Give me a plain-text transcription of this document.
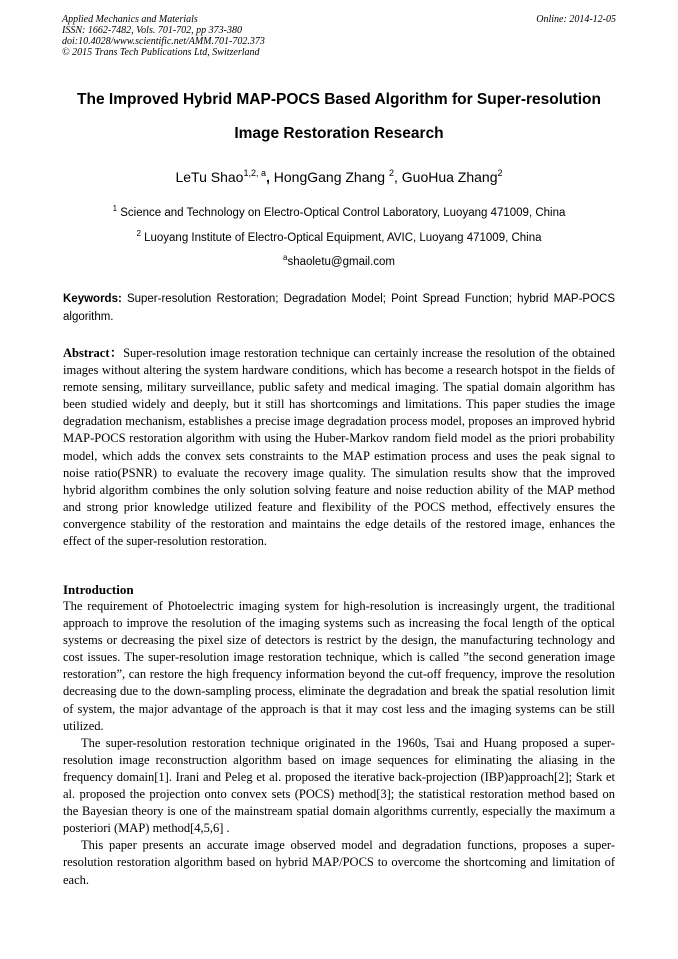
Applied Mechanics and Materials
ISSN: 1662-7482, Vols. 701-702, pp 373-380
doi:10.4028/www.scientific.net/AMM.701-702.373
© 2015 Trans Tech Publications Ltd, Switzerland
Online: 2014-12-05
The Improved Hybrid MAP-POCS Based Algorithm for Super-resolution
Image Restoration Research
LeTu Shao$^{1,2, a}$, HongGang Zhang $^2$, GuoHua Zhang$^2$
$^1$ Science and Technology on Electro-Optical Control Laboratory, Luoyang 471009, China
$^2$ Luoyang Institute of Electro-Optical Equipment, AVIC, Luoyang 471009, China
$^a$shaoletu@gmail.com
Keywords: Super-resolution Restoration; Degradation Model; Point Spread Function; hybrid MAP-POCS algorithm.
Abstract：Super-resolution image restoration technique can certainly increase the resolution of the obtained images without altering the system hardware conditions, which has become a research hotspot in the fields of remote sensing, military surveillance, public safety and medical imaging. The spatial domain algorithm has been studied widely and deeply, but it still has shortcomings and limitations. This paper studies the image degradation mechanism, establishes a precise image degradation process model, proposes an improved hybrid MAP-POCS restoration algorithm with using the Huber-Markov random field model as the priori probability model, which adds the convex sets constraints to the MAP estimation process and uses the peak signal to noise ratio(PSNR) to evaluate the recovery image quality. The simulation results show that the improved hybrid algorithm combines the only solution solving feature and noise reduction ability of the MAP method and strong prior knowledge utilized feature and flexibility of the POCS method, effectively ensures the convergence stability of the restoration and maintains the edge details of the restored image, enhances the effect of the super-resolution restoration.
Introduction

The requirement of Photoelectric imaging system for high-resolution is increasingly urgent, the traditional approach to improve the resolution of the imaging systems such as increasing the focal length of the optical systems or decreasing the pixel size of detectors is restrict by the design, the manufacturing technology and cost issues. The super-resolution image restoration technique, which is called ”the second generation image restoration”, can restore the high frequency information beyond the cut-off frequency, improve the resolution decreasing due to the down-sampling process, eliminate the degradation and break the spatial resolution limit of system, the major advantage of the approach is that it may cost less and the imaging systems can be still utilized.

The super-resolution restoration technique originated in the 1960s, Tsai and Huang proposed a super-resolution image reconstruction algorithm based on image sequences for eliminating the aliasing in the frequency domain[1]. Irani and Peleg et al. proposed the iterative back-projection (IBP)approach[2]; Stark et al. proposed the projection onto convex sets (POCS) method[3]; the statistical restoration method based on the Bayesian theory is one of the mainstream spatial domain algorithms currently, especially the maximum a posteriori (MAP) method[4,5,6] .

This paper presents an accurate image observed model and degradation functions, proposes a super-resolution restoration algorithm based on hybrid MAP/POCS to overcome the shortcoming and limitation of each.
